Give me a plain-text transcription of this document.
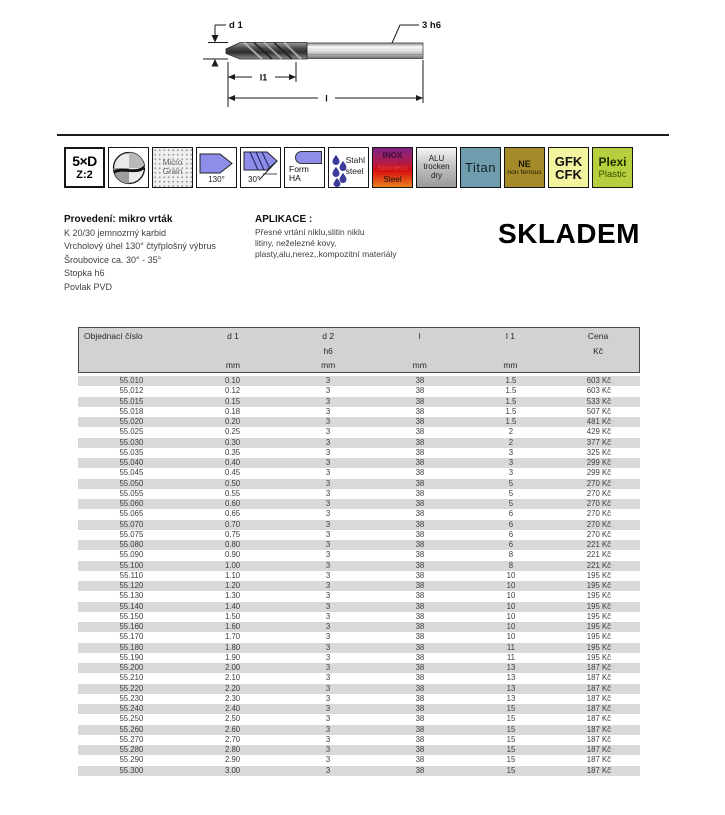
d 1	3 h6
l1
l
5×D
Z:2
Micro
Grain
130°	30°
Form
HA
Stahl
steel
INOX
Stainless
Steel
ALU
trocken
dry
Titan NE
non ferrous
GFK
CFK
Plexi
Plastic
Provedení: mikro vrták
K 20/30 jemnozrný karbid
Vrcholový úhel 130° čtyřplošný výbrus
Šroubovice ca. 30° - 35°
Stopka h6
Povlak PVD
APLIKACE :
Přesné vrtání niklu,slitin niklu
litiny, neželezné kovy,
plasty,alu,nerez,.kompozitní materiály
SKLADEM
Objednací číslo	d 1	d 2	l	l 1	Cena
h6	Kč
mm	mm	mm	mm
55.010	0.10	3	38	1.5	603 Kč
55.012	0.12	3	38	1.5	603 Kč
55.015	0.15	3	38	1.5	533 Kč
55.018	0.18	3	38	1.5	507 Kč
55.020	0.20	3	38	1.5	481 Kč
55.025	0.25	3	38	2	429 Kč
55.030	0.30	3	38	2	377 Kč
55.035	0.35	3	38	3	325 Kč
55.040	0.40	3	38	3	299 Kč
55.045	0.45	3	38	3	299 Kč
55.050	0.50	3	38	5	270 Kč
55.055	0.55	3	38	5	270 Kč
55.060	0.60	3	38	5	270 Kč
55.065	0.65	3	38	6	270 Kč
55.070	0.70	3	38	6	270 Kč
55.075	0.75	3	38	6	270 Kč
55.080	0.80	3	38	6	221 Kč
55.090	0.90	3	38	8	221 Kč
55.100	1.00	3	38	8	221 Kč
55.110	1.10	3	38	10	195 Kč
55.120	1.20	3	38	10	195 Kč
55.130	1.30	3	38	10	195 Kč
55.140	1.40	3	38	10	195 Kč
55.150	1.50	3	38	10	195 Kč
55.160	1.60	3	38	10	195 Kč
55.170	1.70	3	38	10	195 Kč
55.180	1.80	3	38	11	195 Kč
55.190	1.90	3	38	11	195 Kč
55.200	2.00	3	38	13	187 Kč
55.210	2.10	3	38	13	187 Kč
55.220	2.20	3	38	13	187 Kč
55.230	2.30	3	38	13	187 Kč
55.240	2.40	3	38	15	187 Kč
55.250	2.50	3	38	15	187 Kč
55.260	2.60	3	38	15	187 Kč
55.270	2.70	3	38	15	187 Kč
55.280	2.80	3	38	15	187 Kč
55.290	2.90	3	38	15	187 Kč
55.300	3.00	3	38	15	187 Kč
